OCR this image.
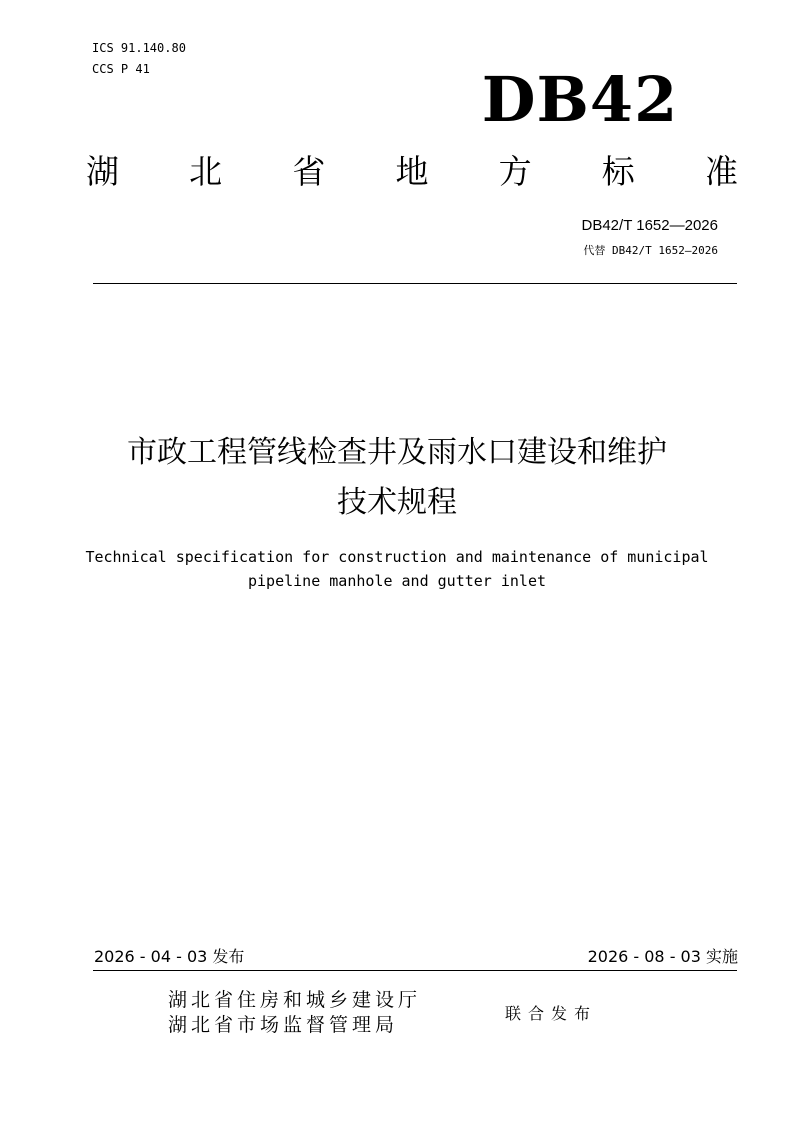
ICS 91.140.80
CCS P 41	DB42
湖 北 省 地 方 标 准
DB42/T 1652—2026
代替 DB42/T 1652—2026
市政工程管线检查井及雨水口建设和维护
技术规程
Technical specification for construction and maintenance of municipal
pipeline manhole and gutter inlet
2026 - 04 - 03 发布	2026 - 08 - 03 实施
湖北省住房和城乡建设厅
湖北省市场监督管理局
联合发布
